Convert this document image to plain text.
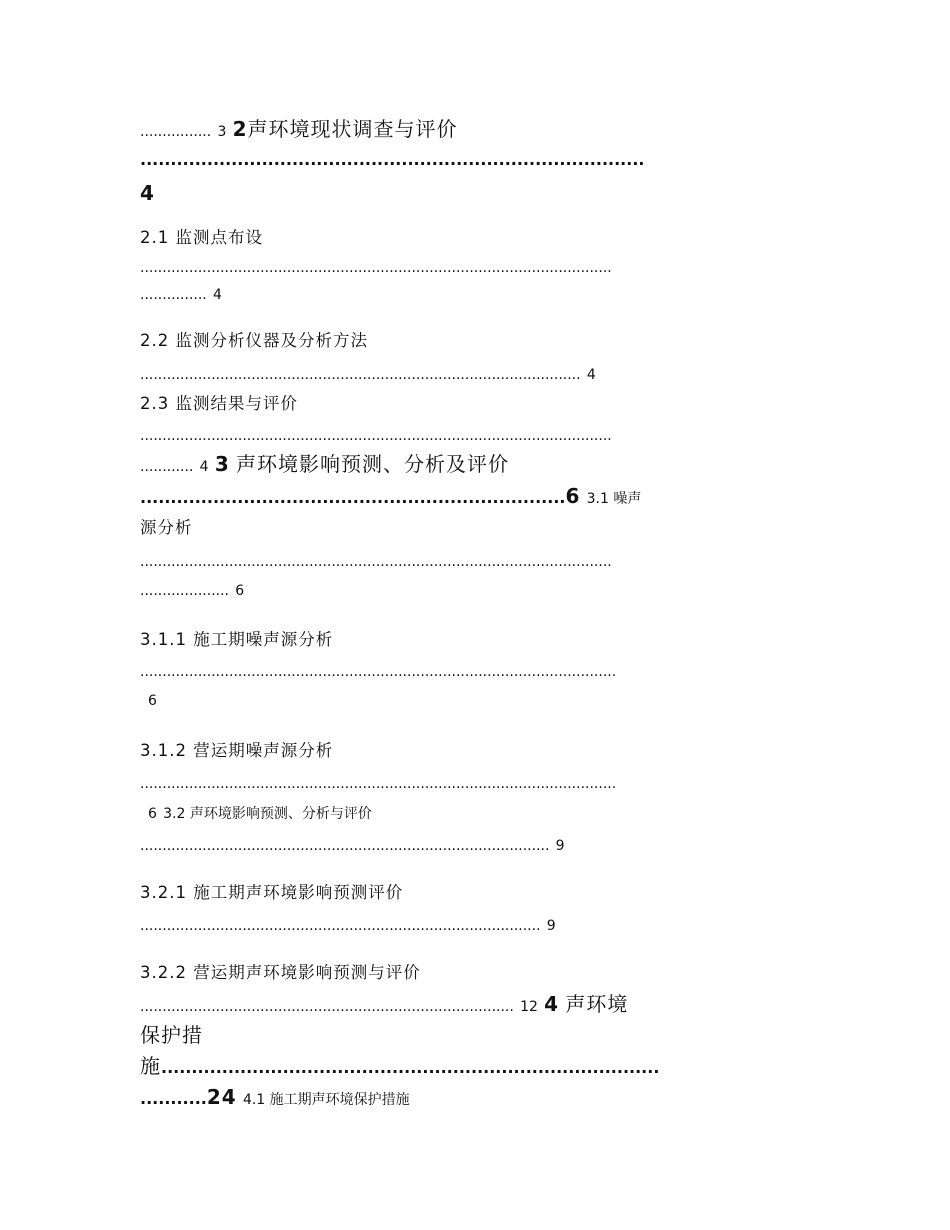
................ 3 2声环境现状调查与评价
...................................................................................
4
2.1 监测点布设
..........................................................................................................
............... 4
2.2 监测分析仪器及分析方法
................................................................................................... 4
2.3 监测结果与评价
..........................................................................................................
............ 4 3 声环境影响预测、分析及评价
......................................................................6 3.1 噪声
源分析
..........................................................................................................
.................... 6
3.1.1 施工期噪声源分析
...........................................................................................................
6
3.1.2 营运期噪声源分析
...........................................................................................................
6 3.2 声环境影响预测、分析与评价
............................................................................................ 9
3.2.1 施工期声环境影响预测评价
.......................................................................................... 9
3.2.2 营运期声环境影响预测与评价
.................................................................................... 12 4 声环境
保护措
施..................................................................................
...........24 4.1 施工期声环境保护措施
